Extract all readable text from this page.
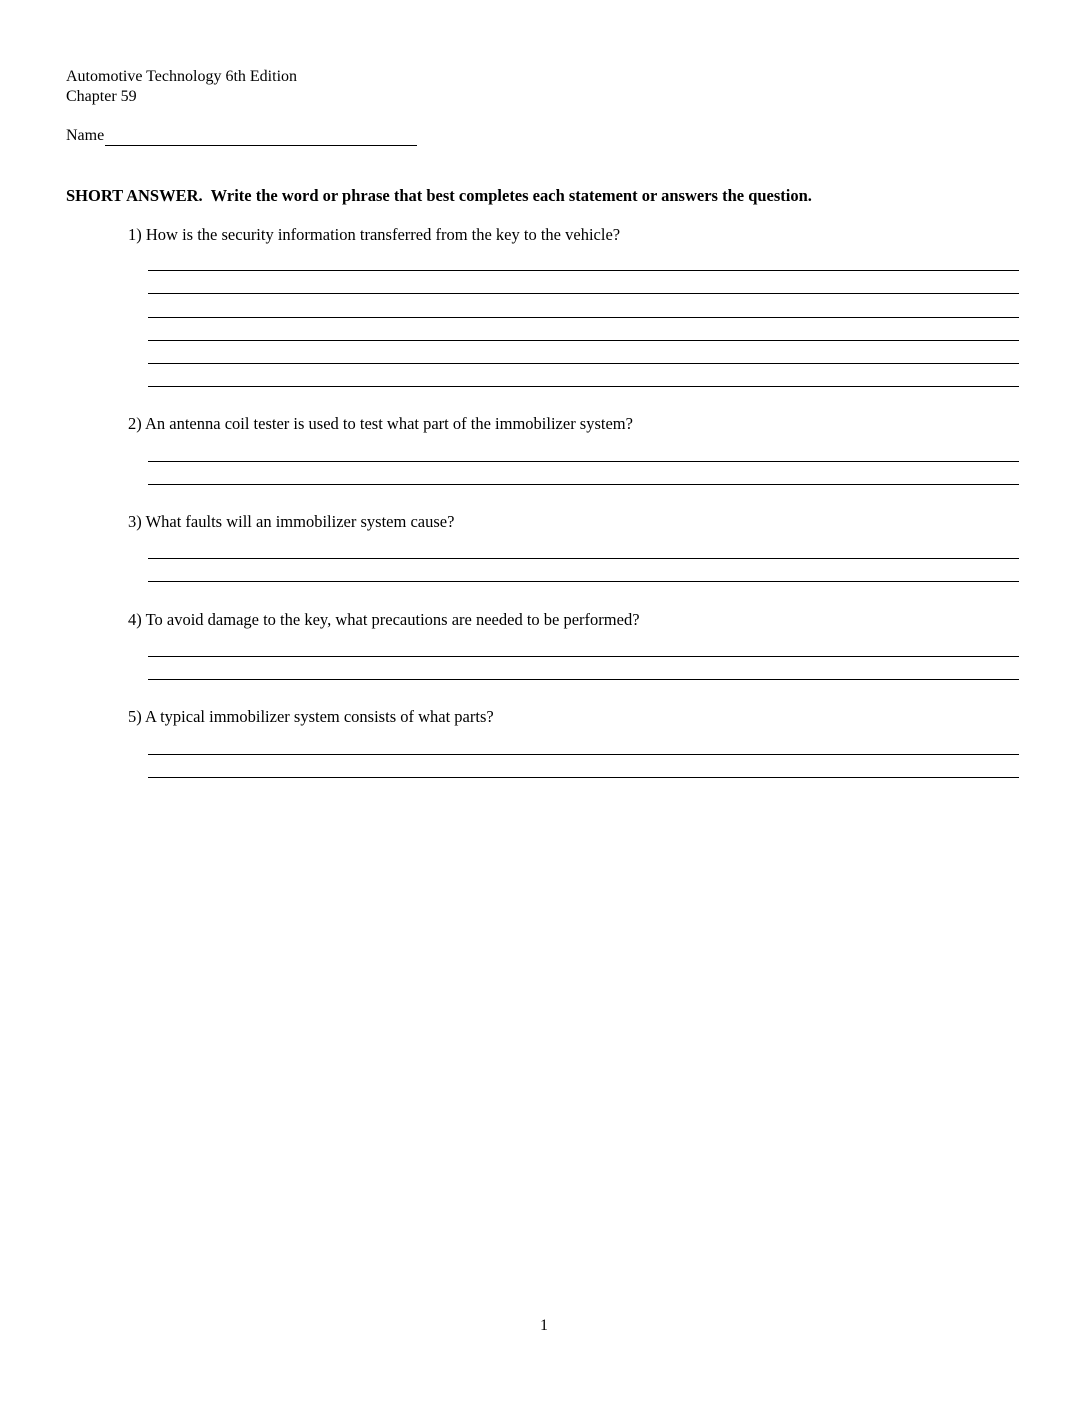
Automotive Technology 6th Edition
Chapter 59
Name
SHORT ANSWER. Write the word or phrase that best completes each statement or answers the question.
1) How is the security information transferred from the key to the vehicle?
2) An antenna coil tester is used to test what part of the immobilizer system?
3) What faults will an immobilizer system cause?
4) To avoid damage to the key, what precautions are needed to be performed?
5) A typical immobilizer system consists of what parts?
1
